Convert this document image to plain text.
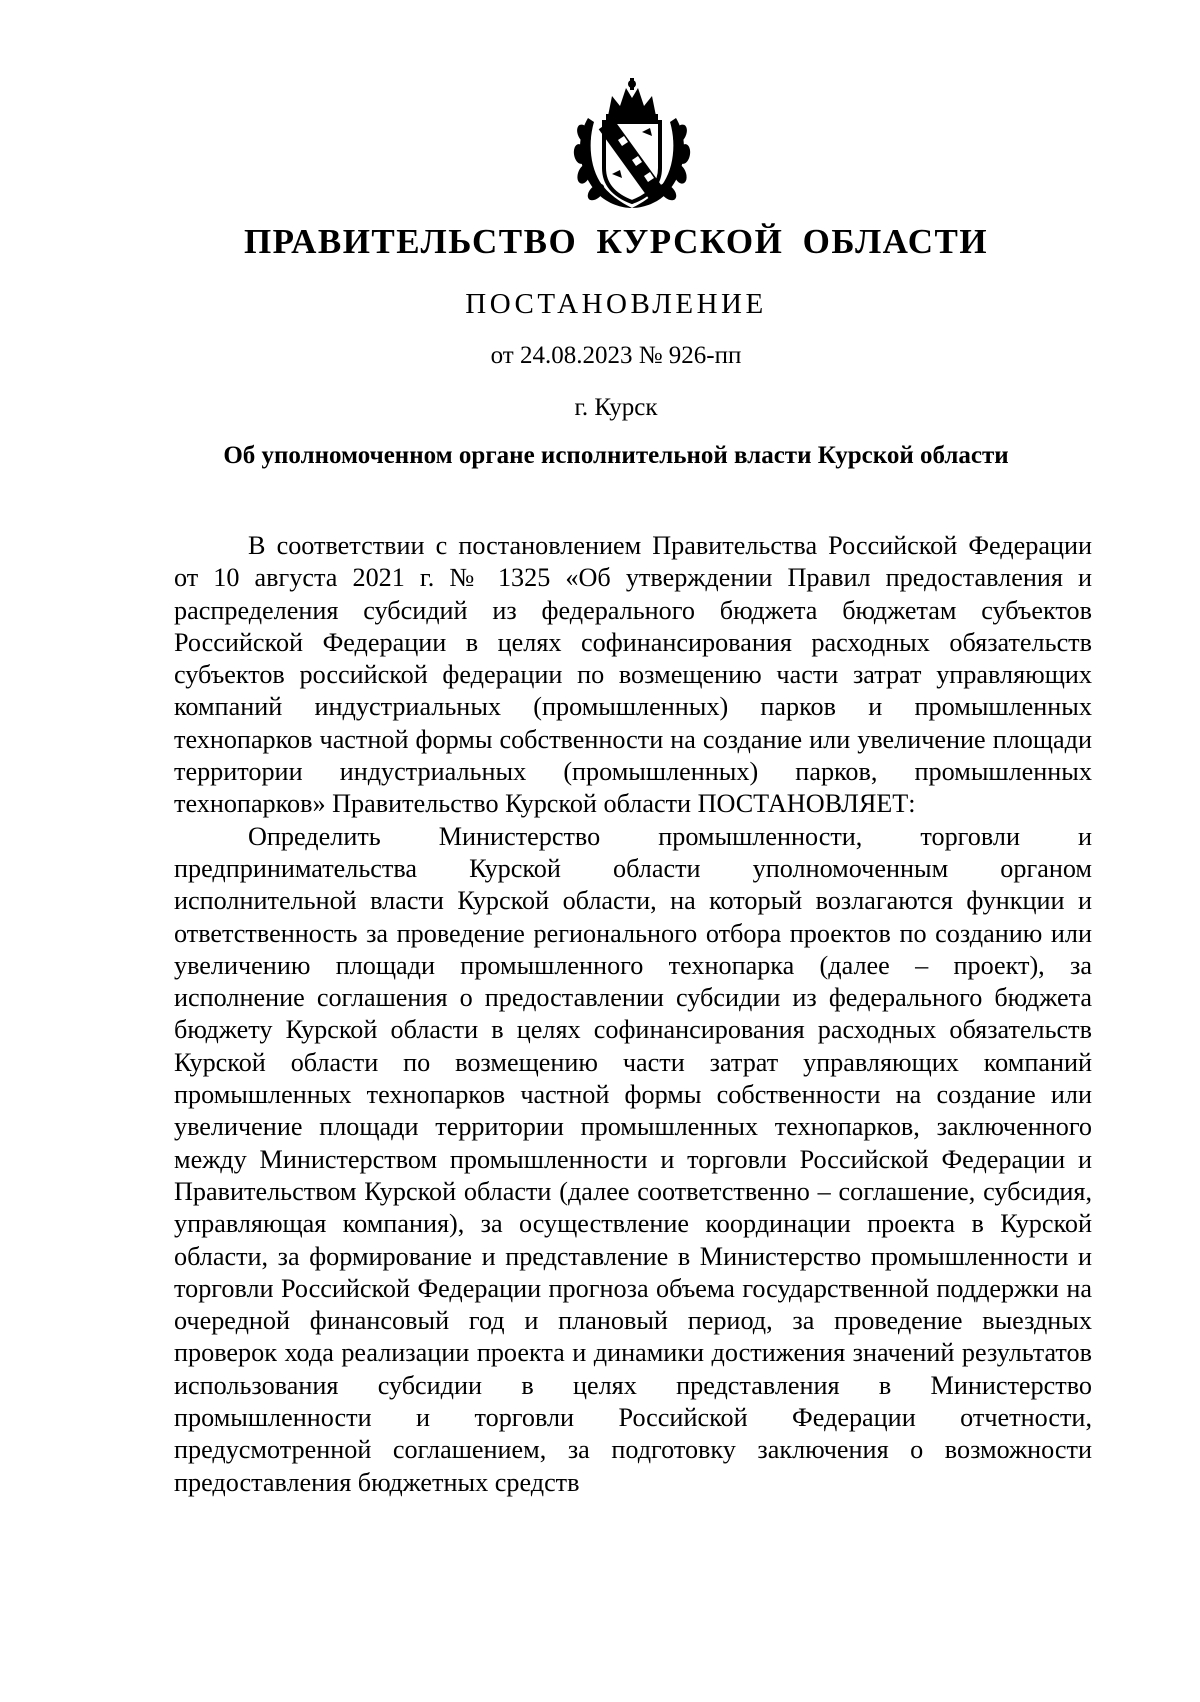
ПРАВИТЕЛЬСТВО КУРСКОЙ ОБЛАСТИ
ПОСТАНОВЛЕНИЕ
от 24.08.2023 № 926-пп
г. Курск
Об уполномоченном органе исполнительной власти Курской области

В соответствии с постановлением Правительства Российской Федерации от 10 августа 2021 г. № 1325 «Об утверждении Правил предоставления и распределения субсидий из федерального бюджета бюджетам субъектов Российской Федерации в целях софинансирования расходных обязательств субъектов российской федерации по возмещению части затрат управляющих компаний индустриальных (промышленных) парков и промышленных технопарков частной формы собственности на создание или увеличение площади территории индустриальных (промышленных) парков, промышленных технопарков» Правительство Курской области ПОСТАНОВЛЯЕТ:

Определить Министерство промышленности, торговли и предпринимательства Курской области уполномоченным органом исполнительной власти Курской области, на который возлагаются функции и ответственность за проведение регионального отбора проектов по созданию или увеличению площади промышленного технопарка (далее – проект), за исполнение соглашения о предоставлении субсидии из федерального бюджета бюджету Курской области в целях софинансирования расходных обязательств Курской области по возмещению части затрат управляющих компаний промышленных технопарков частной формы собственности на создание или увеличение площади территории промышленных технопарков, заключенного между Министерством промышленности и торговли Российской Федерации и Правительством Курской области (далее соответственно – соглашение, субсидия, управляющая компания), за осуществление координации проекта в Курской области, за формирование и представление в Министерство промышленности и торговли Российской Федерации прогноза объема государственной поддержки на очередной финансовый год и плановый период, за проведение выездных проверок хода реализации проекта и динамики достижения значений результатов использования субсидии в целях представления в Министерство промышленности и торговли Российской Федерации отчетности, предусмотренной соглашением, за подготовку заключения о возможности предоставления бюджетных средств
